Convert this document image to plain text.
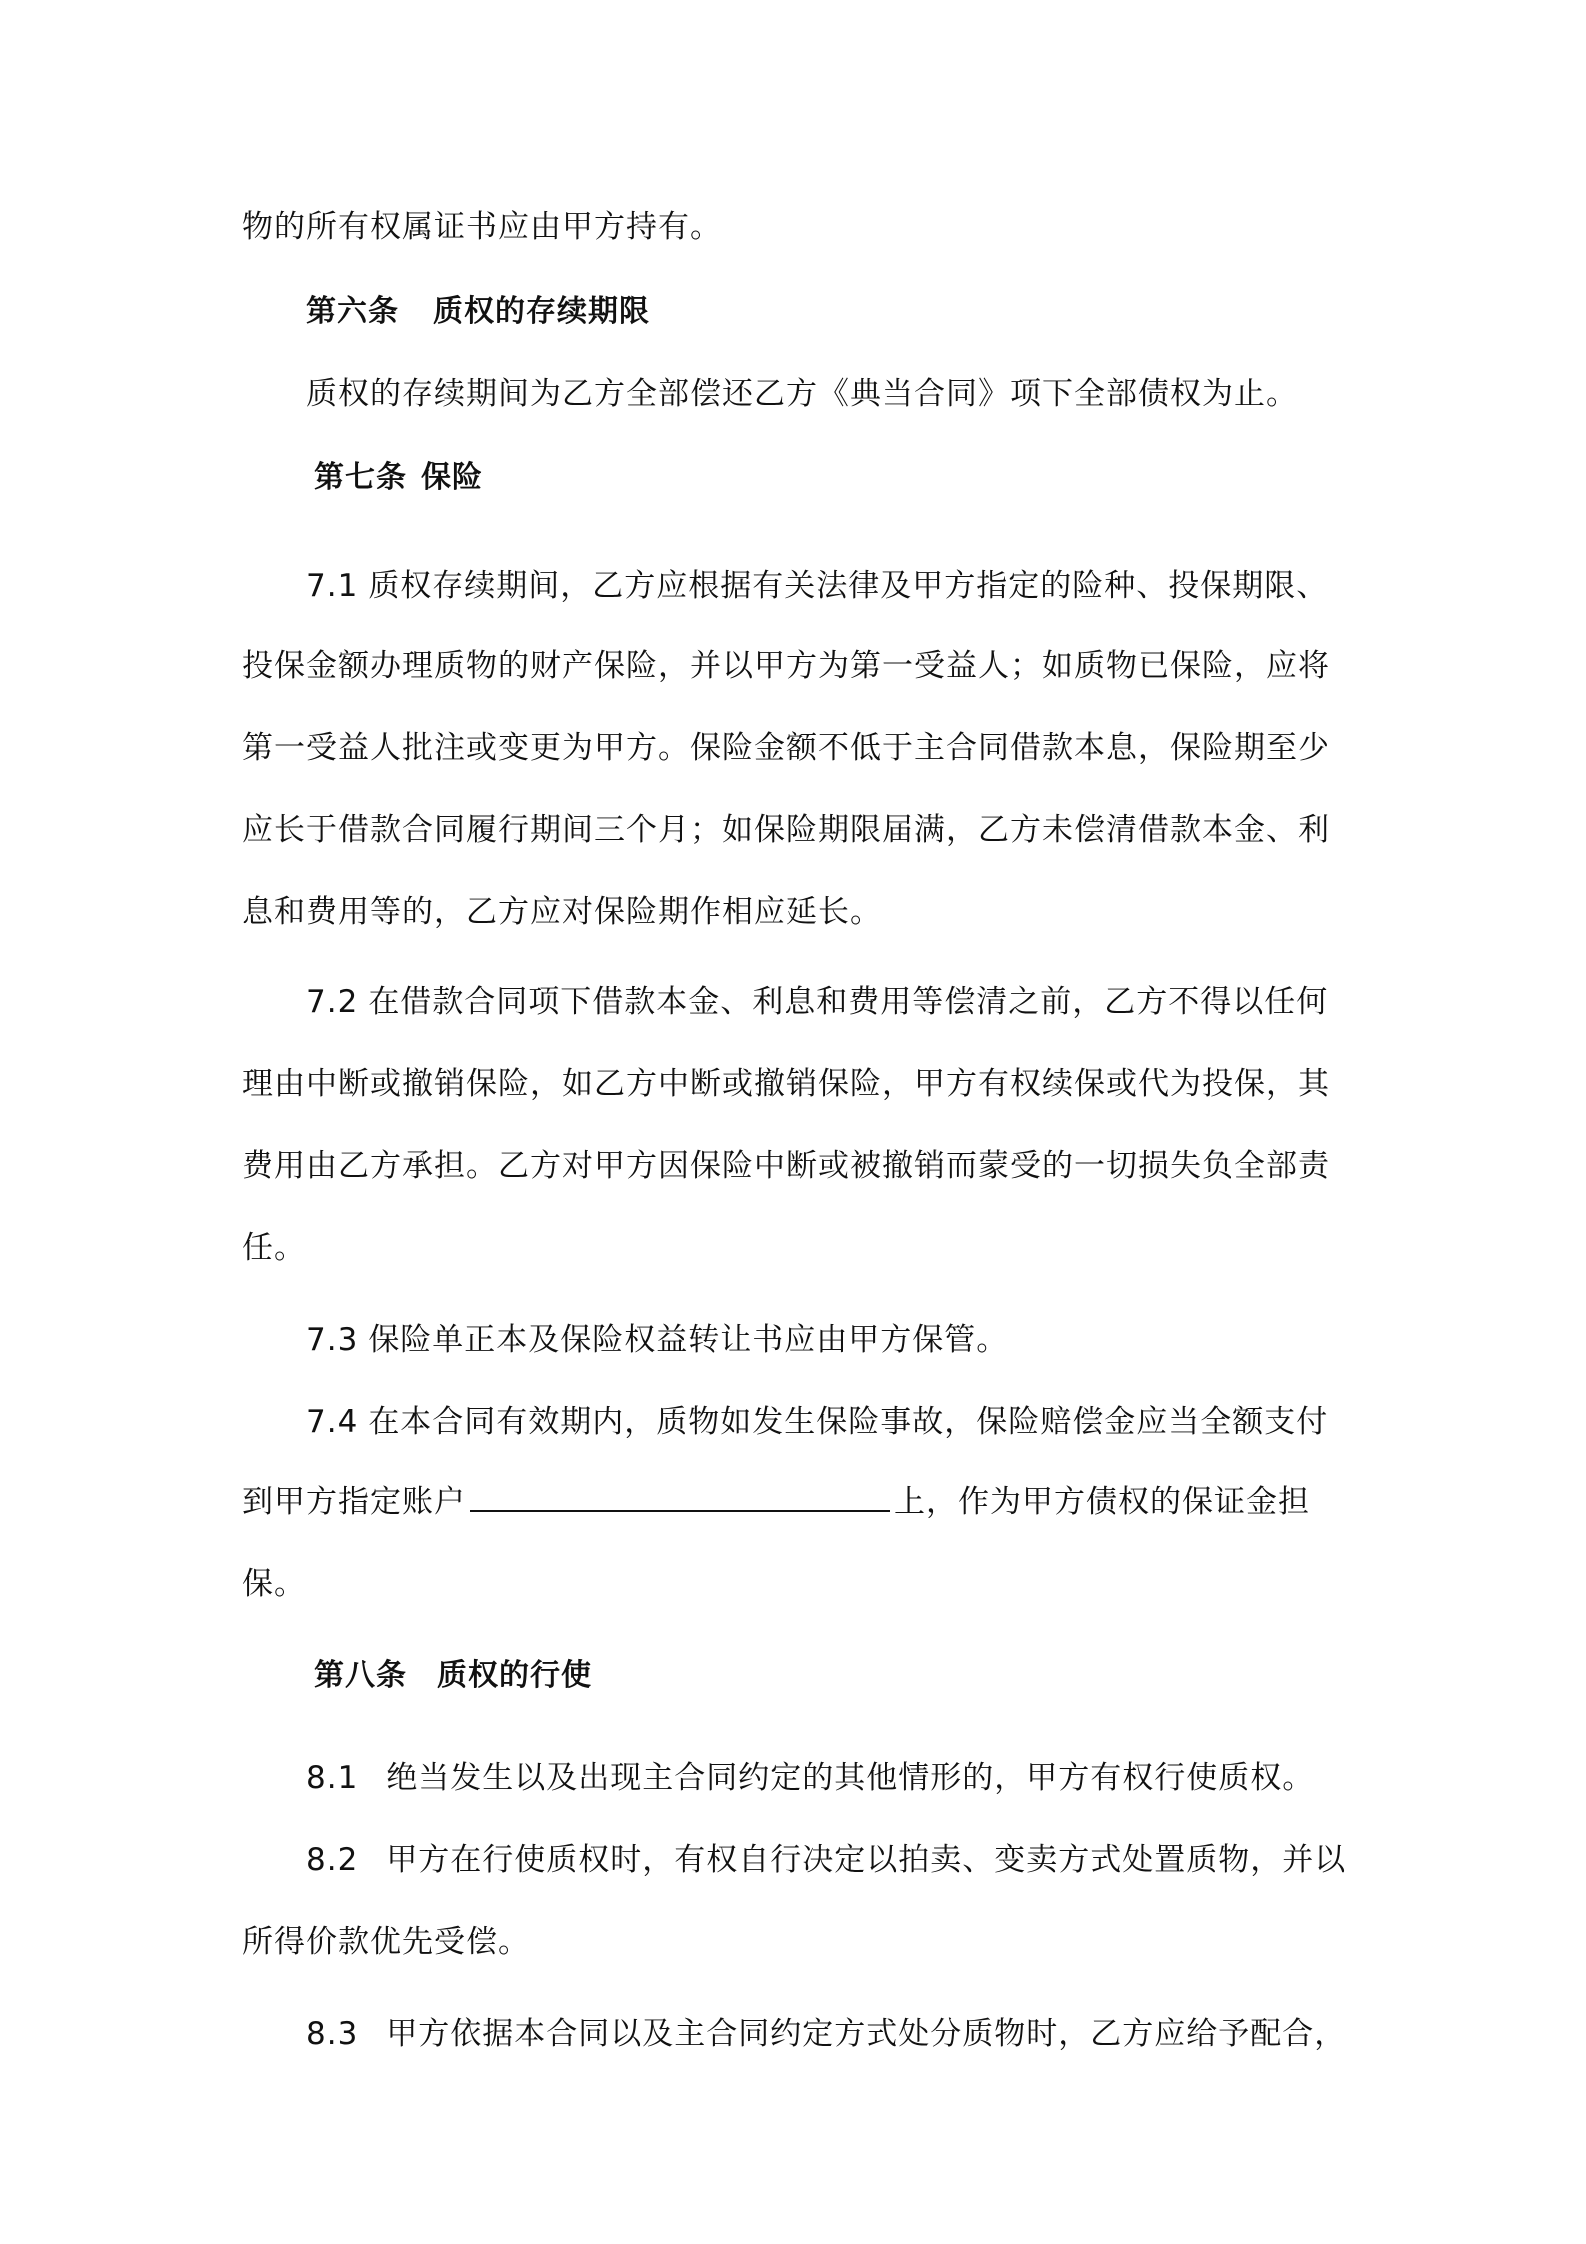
物的所有权属证书应由甲方持有。
第六条 质权的存续期限
质权的存续期间为乙方全部偿还乙方《典当合同》项下全部债权为止。
第七条 保险
7.1 质权存续期间，乙方应根据有关法律及甲方指定的险种、投保期限、
投保金额办理质物的财产保险，并以甲方为第一受益人；如质物已保险，应将
第一受益人批注或变更为甲方。保险金额不低于主合同借款本息，保险期至少
应长于借款合同履行期间三个月；如保险期限届满，乙方未偿清借款本金、利
息和费用等的，乙方应对保险期作相应延长。
7.2 在借款合同项下借款本金、利息和费用等偿清之前，乙方不得以任何
理由中断或撤销保险，如乙方中断或撤销保险，甲方有权续保或代为投保，其
费用由乙方承担。乙方对甲方因保险中断或被撤销而蒙受的一切损失负全部责
任。
7.3 保险单正本及保险权益转让书应由甲方保管。
7.4 在本合同有效期内，质物如发生保险事故，保险赔偿金应当全额支付
到甲方指定账户	上，作为甲方债权的保证金担
保。
第八条 质权的行使
8.1 绝当发生以及出现主合同约定的其他情形的，甲方有权行使质权。
8.2 甲方在行使质权时，有权自行决定以拍卖、变卖方式处置质物，并以
所得价款优先受偿。
8.3 甲方依据本合同以及主合同约定方式处分质物时，乙方应给予配合，
